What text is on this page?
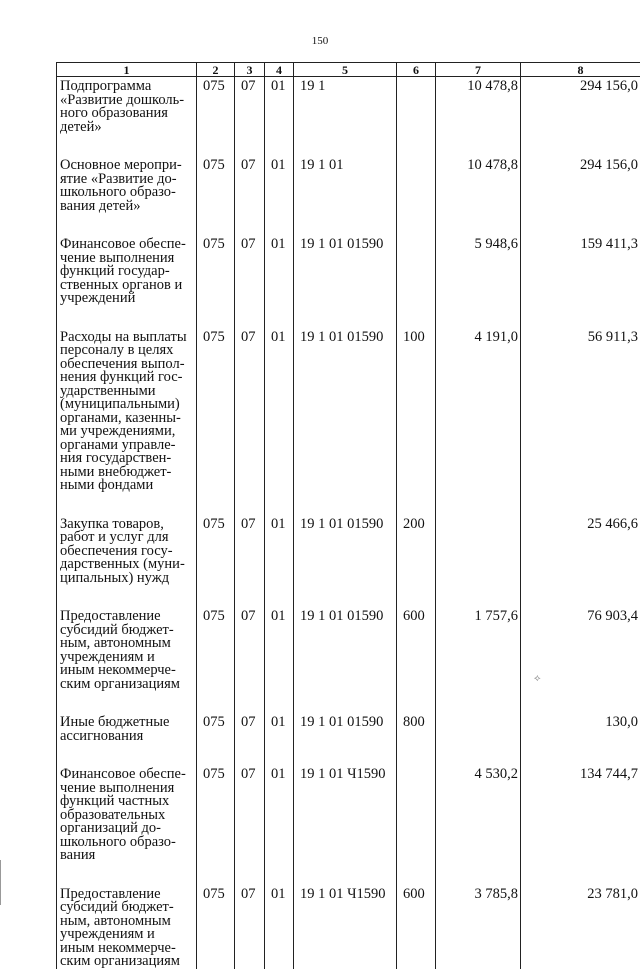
150
1	2	3	4	5	6	7	8
Подпрограмма «Развитие дошколь-ного образования детей»	075	07	01	19 1		10 478,8	294 156,0
Основное меропри-ятие «Развитие до-школьного образо-вания детей»	075	07	01	19 1 01		10 478,8	294 156,0
Финансовое обеспе-чение выполнения функций государ-ственных органов и учреждений	075	07	01	19 1 01 01590		5 948,6	159 411,3
Расходы на выплаты персоналу в целях обеспечения выпол-нения функций гос-ударственными (муниципальными) органами, казенны-ми учреждениями, органами управле-ния государствен-ными внебюджет-ными фондами	075	07	01	19 1 01 01590	100	4 191,0	56 911,3
Закупка товаров, работ и услуг для обеспечения госу-дарственных (муни-ципальных) нужд	075	07	01	19 1 01 01590	200		25 466,6
Предоставление субсидий бюджет-ным, автономным учреждениям и иным некоммерче-ским организациям	075	07	01	19 1 01 01590	600	1 757,6	76 903,4
Иные бюджетные ассигнования	075	07	01	19 1 01 01590	800		130,0
Финансовое обеспе-чение выполнения функций частных образовательных организаций до-школьного образо-вания	075	07	01	19 1 01 Ч1590		4 530,2	134 744,7
Предоставление субсидий бюджет-ным, автономным учреждениям и иным некоммерче-ским организациям	075	07	01	19 1 01 Ч1590	600	3 785,8	23 781,0
⟡
